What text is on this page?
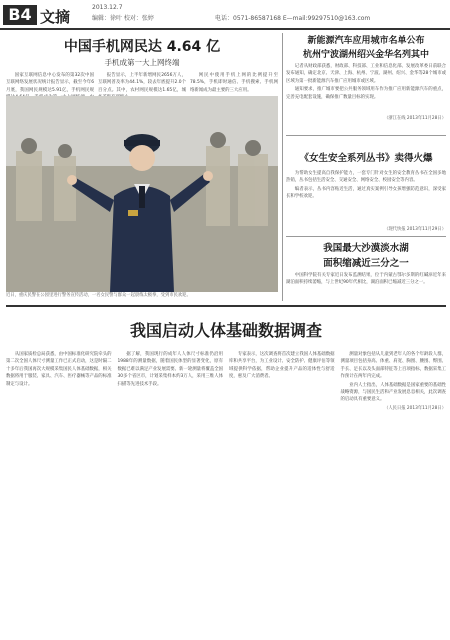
B4 文摘
2013.12.7
编辑：徐叶 校对：张婷	电话：0571-86587168 E—mail:99297510@163.com
中国手机网民达 4.64 亿
手机成第一大上网终端

国家互联网信息中心发布的第32次中国互联网络发展状况统计报告显示，截至今年6月底，我国网民规模达5.91亿，手机网民规

报告显示，上半年新增网民2656万人，互联网普及率为44.1%，较去年底提升2.0个百分点。其中，农村网民规模达1.65亿，城

网民中使用手机上网的比例提升至78.5%，手机即时通信、手机搜索、手机网络新闻成为最主要的三大应用。

近日，重庆民警在公园里进行警务宣传活动，一名女民警与群众一起晨练太极拳，受到市民欢迎。
新能源汽车应用城市名单公布
杭州宁波湖州绍兴金华名列其中

记者从财政部获悉，财政部、科技部、工业和信息化部、发展改革委日前联合发布通知，确定北京、天津、上海、杭州、宁波、湖州、绍兴、金华等28个城市或区域为第一批新能源汽车推广应用城市或区域。

通知要求，推广城市要把公共服务领域用车作为推广应用新能源汽车的重点，完善充电配套设施，确保推广数量目标的实现。

（浙江在线 2013年11月28日）
《女生安全系列丛书》卖得火爆

为帮助女生提高自我保护能力，一套专门针对女生的安全教育丛书在全国多地热销，丛书包括生活安全、交通安全、网络安全、校园安全等内容。

编者表示，丛书内容贴近生活，通过真实案例引导女孩增强防范意识，深受家长和学校欢迎。

（现代快报 2013年11月29日）
我国最大沙漠淡水湖
面积缩减近三分之一

中国科学院有关专家近日发布监测结果，位于内蒙古鄂尔多斯的红碱淖近年来湖泊面积持续萎缩，与上世纪90年代相比，湖泊面积已缩减近三分之一。

我国启动人体基础数据调查

从国家质检总局获悉，由中国标准化研究院牵头的第二次全国人体尺寸测量工作已正式启动，这是时隔二十多年后我国再次大规模采集国民人体基础数据，相关数据将用于服装、家具、汽车、医疗器械等产品的标准制定与设计。

据了解，我国现行的成年人人体尺寸标准仍沿用1988年的测量数据，随着国民体型的显著变化，原有数据已难以满足产业发展需要。新一轮测量将覆盖全国30多个省区市，计划采集样本约3万人，采用三维人体扫描等先进技术手段。

专家表示，这次调查将首次建立我国人体基础数据库和共享平台，为工业设计、安全防护、健康评估等领域提供科学依据，帮助企业提升产品的适体性与舒适度，惠及广大消费者。

测量对象包括从儿童到老年人的各个年龄段人群，测量项目包括身高、体重、肩宽、胸围、腰围、臀围、手长、足长以及头面部特征等上百项指标，数据采集工作预计在两年内完成。

业内人士指出，人体基础数据是国家重要的基础性战略资源，与国民生活和产业发展息息相关，此次调查的启动具有重要意义。

（人民日报 2013年11月28日）
